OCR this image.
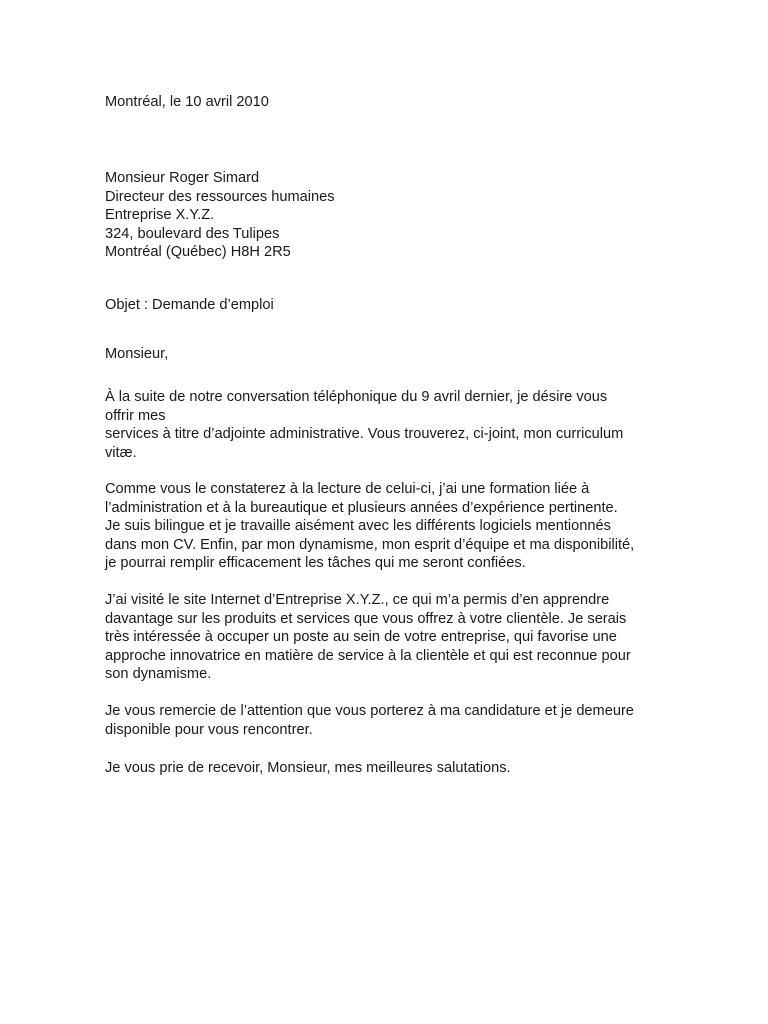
Montréal, le 10 avril 2010

Monsieur Roger Simard
Directeur des ressources humaines
Entreprise X.Y.Z.
324, boulevard des Tulipes
Montréal (Québec) H8H 2R5

Objet : Demande d’emploi

Monsieur,

À la suite de notre conversation téléphonique du 9 avril dernier, je désire vous
offrir mes
services à titre d’adjointe administrative. Vous trouverez, ci-joint, mon curriculum
vitæ.

Comme vous le constaterez à la lecture de celui-ci, j’ai une formation liée à
l’administration et à la bureautique et plusieurs années d’expérience pertinente.
Je suis bilingue et je travaille aisément avec les différents logiciels mentionnés
dans mon CV. Enfin, par mon dynamisme, mon esprit d’équipe et ma disponibilité,
je pourrai remplir efficacement les tâches qui me seront confiées.

J’ai visité le site Internet d’Entreprise X.Y.Z., ce qui m’a permis d’en apprendre
davantage sur les produits et services que vous offrez à votre clientèle. Je serais
très intéressée à occuper un poste au sein de votre entreprise, qui favorise une
approche innovatrice en matière de service à la clientèle et qui est reconnue pour
son dynamisme.

Je vous remercie de l’attention que vous porterez à ma candidature et je demeure
disponible pour vous rencontrer.

Je vous prie de recevoir, Monsieur, mes meilleures salutations.
